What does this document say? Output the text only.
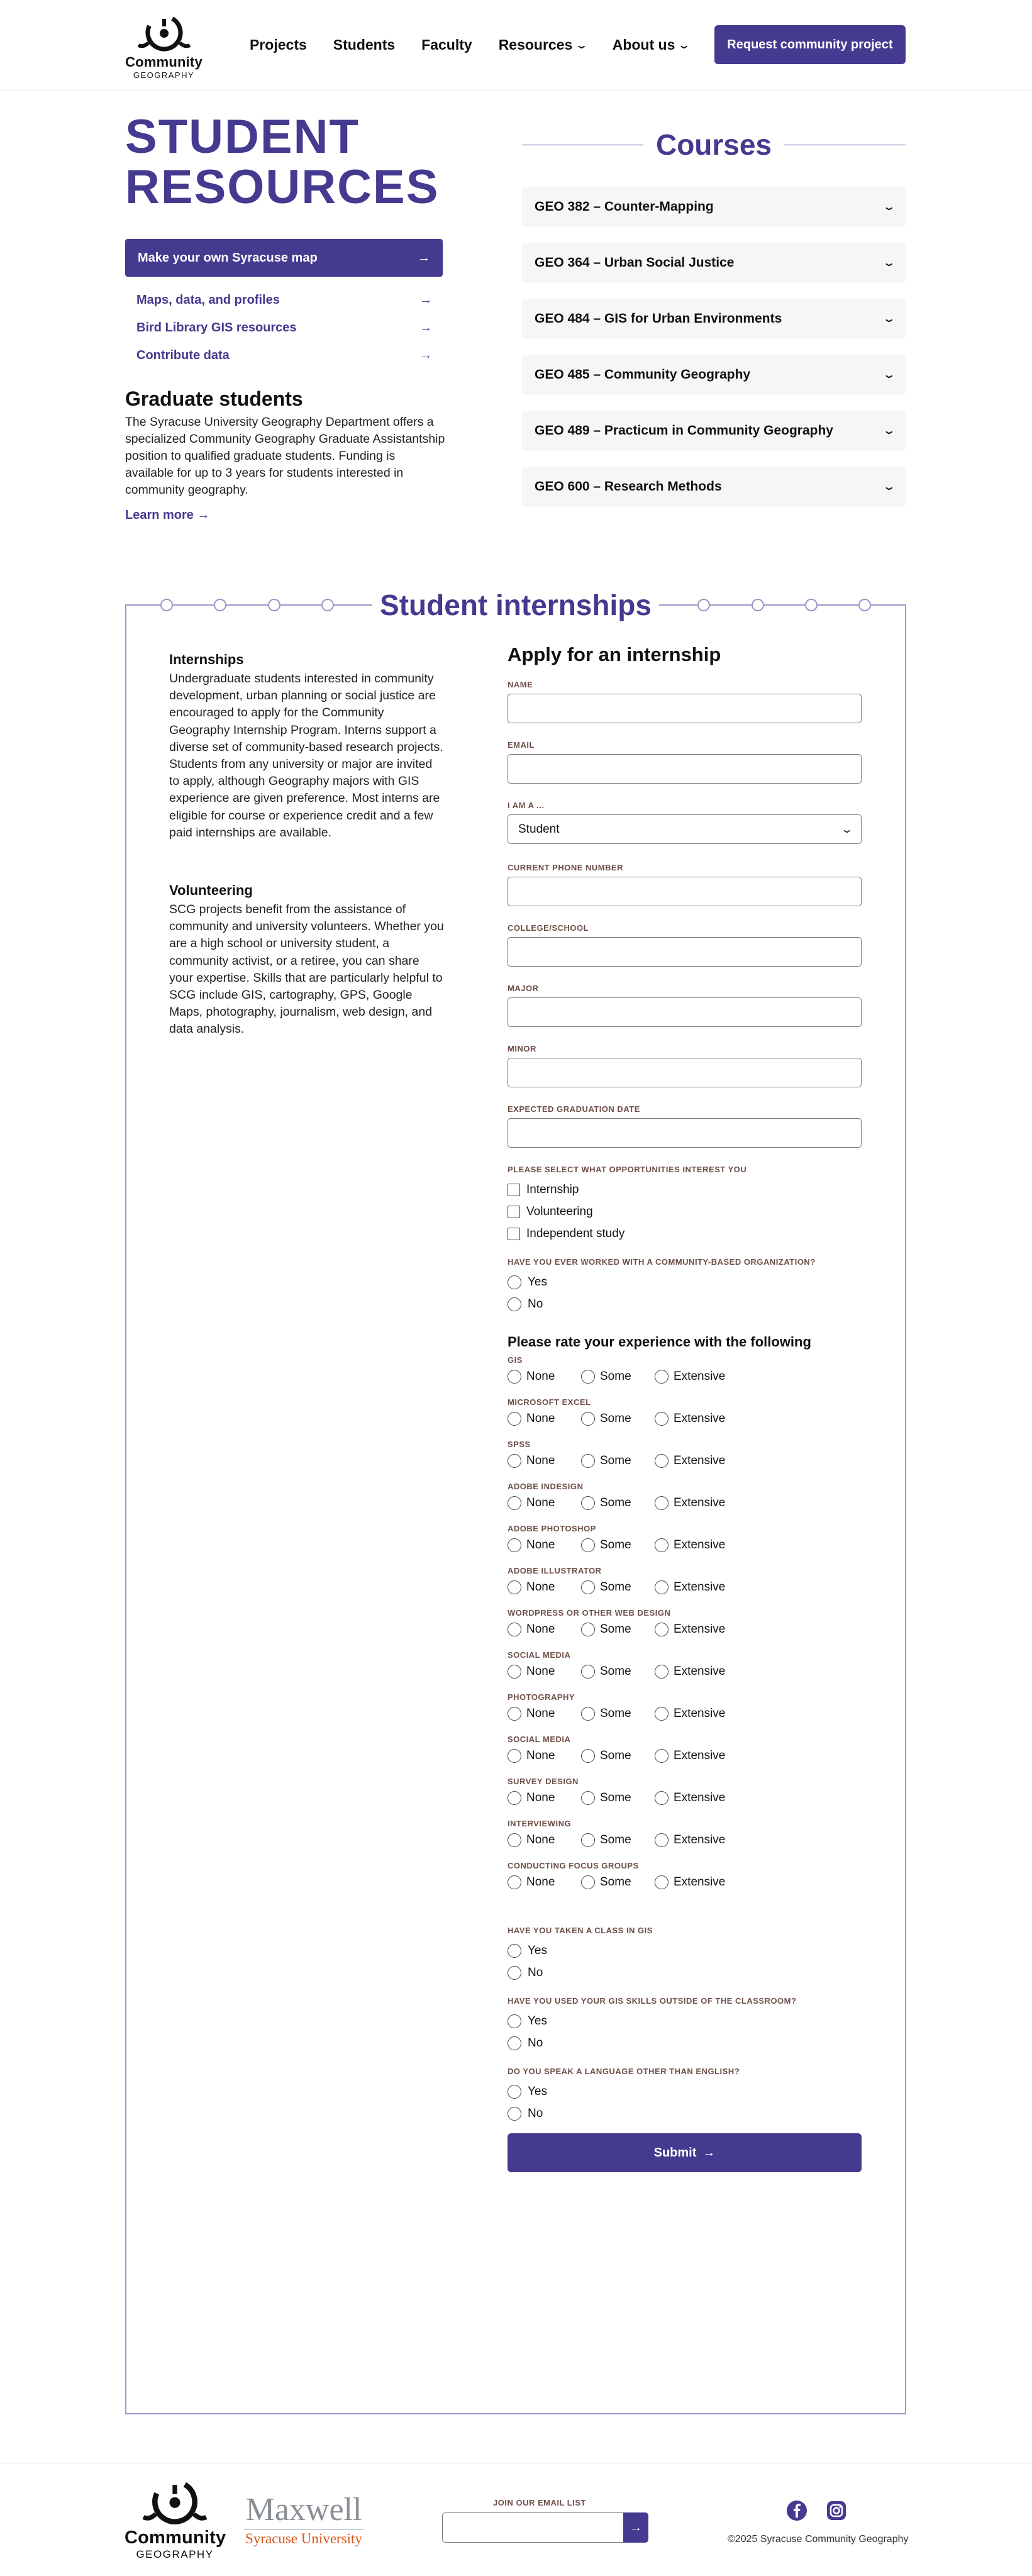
Community
GEOGRAPHY
Projects Students Faculty Resources ⌄ About us ⌄	Request community project
STUDENT
RESOURCES
Make your own Syracuse map	→
Maps, data, and profiles	→
Bird Library GIS resources	→
Contribute data	→
Graduate students
The Syracuse University Geography Department offers a specialized Community Geography Graduate Assistantship position to qualified graduate students. Funding is available for up to 3 years for students interested in community geography.
Learn more →
Courses
GEO 382 – Counter-Mapping	⌄
GEO 364 – Urban Social Justice	⌄
GEO 484 – GIS for Urban Environments	⌄
GEO 485 – Community Geography	⌄
GEO 489 – Practicum in Community Geography	⌄
GEO 600 – Research Methods	⌄
Student internships
Internships
Undergraduate students interested in community development, urban planning or social justice are encouraged to apply for the Community Geography Internship Program. Interns support a diverse set of community-based research projects. Students from any university or major are invited to apply, although Geography majors with GIS experience are given preference. Most interns are eligible for course or experience credit and a few paid internships are available.
Volunteering
SCG projects benefit from the assistance of community and university volunteers. Whether you are a high school or university student, a community activist, or a retiree, you can share your expertise. Skills that are particularly helpful to SCG include GIS, cartography, GPS, Google Maps, photography, journalism, web design, and data analysis.
Apply for an internship
NAME
EMAIL
I AM A ...
Student	⌄
CURRENT PHONE NUMBER
COLLEGE/SCHOOL
MAJOR
MINOR
EXPECTED GRADUATION DATE
PLEASE SELECT WHAT OPPORTUNITIES INTEREST YOU
Internship
Volunteering
Independent study
HAVE YOU EVER WORKED WITH A COMMUNITY-BASED ORGANIZATION?
Yes
No
Please rate your experience with the following
GIS
None	Some	Extensive
MICROSOFT EXCEL
None	Some	Extensive
SPSS
None	Some	Extensive
ADOBE INDESIGN
None	Some	Extensive
ADOBE PHOTOSHOP
None	Some	Extensive
ADOBE ILLUSTRATOR
None	Some	Extensive
WORDPRESS OR OTHER WEB DESIGN
None	Some	Extensive
SOCIAL MEDIA
None	Some	Extensive
PHOTOGRAPHY
None	Some	Extensive
SOCIAL MEDIA
None	Some	Extensive
SURVEY DESIGN
None	Some	Extensive
INTERVIEWING
None	Some	Extensive
CONDUCTING FOCUS GROUPS
None	Some	Extensive
HAVE YOU TAKEN A CLASS IN GIS
Yes
No
HAVE YOU USED YOUR GIS SKILLS OUTSIDE OF THE CLASSROOM?
Yes
No
DO YOU SPEAK A LANGUAGE OTHER THAN ENGLISH?
Yes
No
Submit →
Community
GEOGRAPHY
Maxwell
Syracuse University
JOIN OUR EMAIL LIST
→
©2025 Syracuse Community Geography
